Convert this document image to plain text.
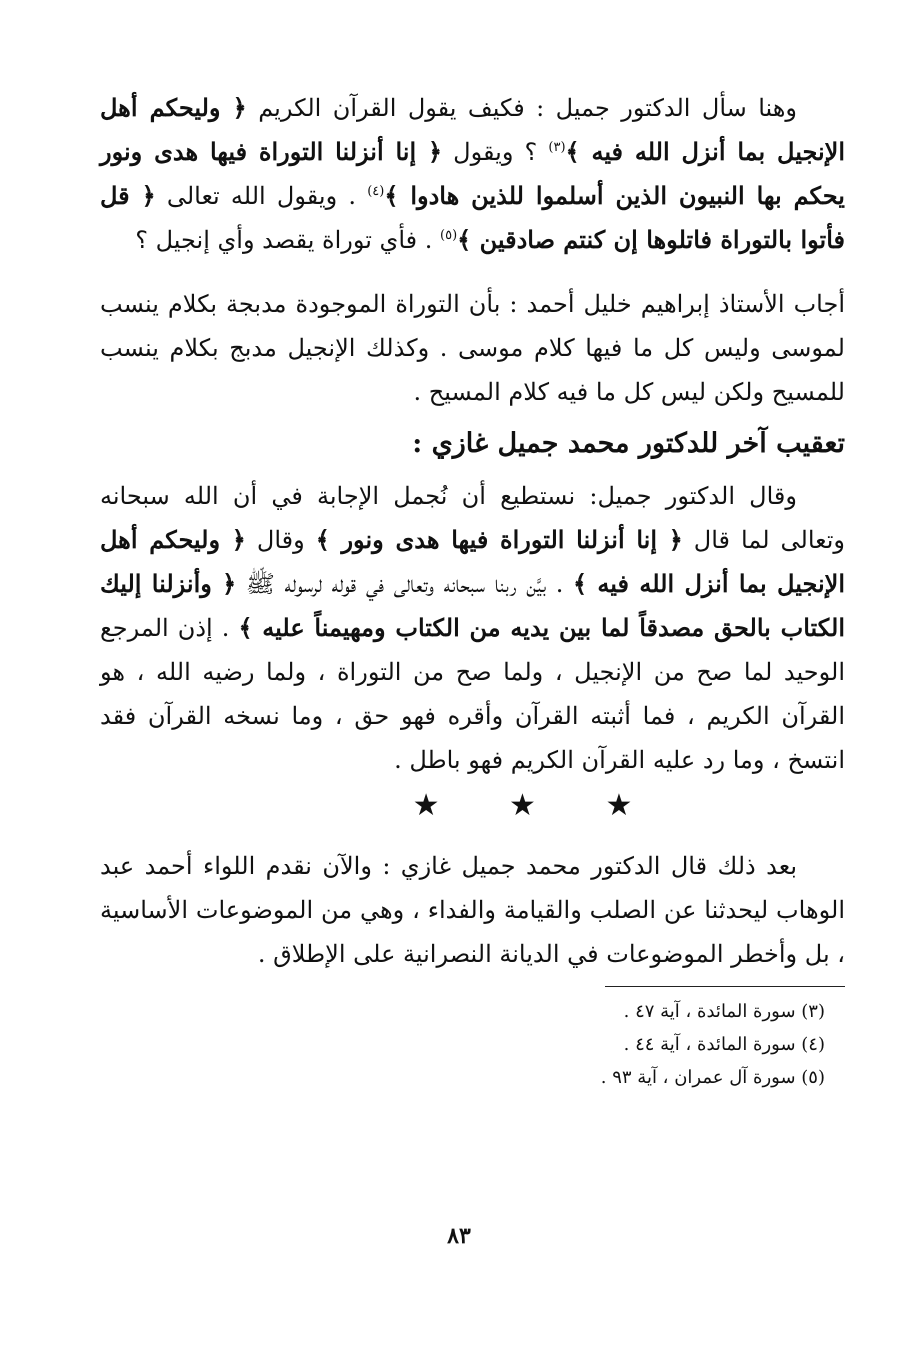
وهنا سأل الدكتور جميل : فكيف يقول القرآن الكريم ﴿ وليحكم أهل الإنجيل بما أنزل الله فيه ﴾$^{(٣)}$ ؟ ويقول ﴿ إنا أنزلنا التوراة فيها هدى ونور يحكم بها النبيون الذين أسلموا للذين هادوا ﴾$^{(٤)}$ . ويقول الله تعالى ﴿ قل فأتوا بالتوراة فاتلوها إن كنتم صادقين ﴾$^{(٥)}$ . فأي توراة يقصد وأي إنجيل ؟

أجاب الأستاذ إبراهيم خليل أحمد : بأن التوراة الموجودة مدبجة بكلام ينسب لموسى وليس كل ما فيها كلام موسى . وكذلك الإنجيل مدبج بكلام ينسب للمسيح ولكن ليس كل ما فيه كلام المسيح .

تعقيب آخر للدكتور محمد جميل غازي :

وقال الدكتور جميل: نستطيع أن نُجمل الإجابة في أن الله سبحانه وتعالى لما قال ﴿ إنا أنزلنا التوراة فيها هدى ونور ﴾ وقال ﴿ وليحكم أهل الإنجيل بما أنزل الله فيه ﴾ . بيَّن ربنا سبحانه وتعالى في قوله لرسوله ﷺ ﴿ وأنزلنا إليك الكتاب بالحق مصدقاً لما بين يديه من الكتاب ومهيمناً عليه ﴾ . إذن المرجع الوحيد لما صح من الإنجيل ، ولما صح من التوراة ، ولما رضيه الله ، هو القرآن الكريم ، فما أثبته القرآن وأقره فهو حق ، وما نسخه القرآن فقد انتسخ ، وما رد عليه القرآن الكريم فهو باطل .

★ ★ ★

بعد ذلك قال الدكتور محمد جميل غازي : والآن نقدم اللواء أحمد عبد الوهاب ليحدثنا عن الصلب والقيامة والفداء ، وهي من الموضوعات الأساسية ، بل وأخطر الموضوعات في الديانة النصرانية على الإطلاق .

(٣) سورة المائدة ، آية ٤٧ .

(٤) سورة المائدة ، آية ٤٤ .

(٥) سورة آل عمران ، آية ٩٣ .

٨٣
